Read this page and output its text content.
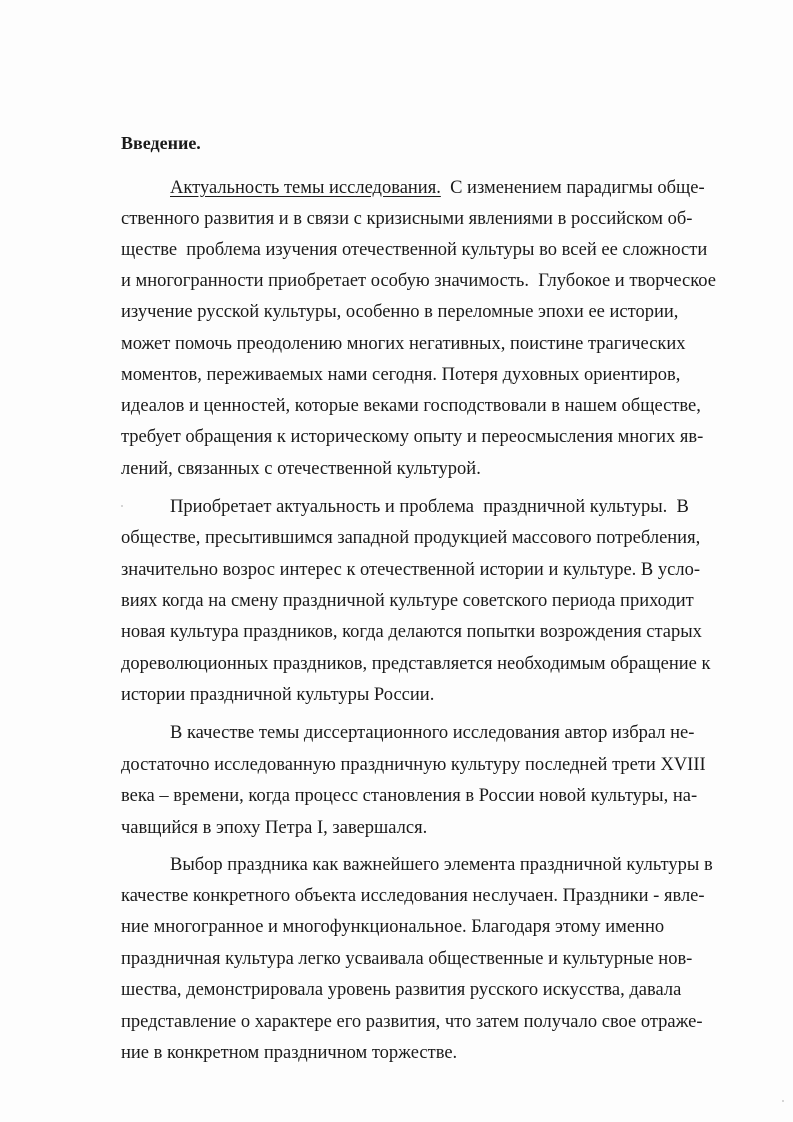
Введение.
Актуальность темы исследования.  С изменением парадигмы обще-
ственного развития и в связи с кризисными явлениями в российском об-
ществе  проблема изучения отечественной культуры во всей ее сложности
и многогранности приобретает особую значимость.  Глубокое и творческое
изучение русской культуры, особенно в переломные эпохи ее истории,
может помочь преодолению многих негативных, поистине трагических
моментов, переживаемых нами сегодня. Потеря духовных ориентиров,
идеалов и ценностей, которые веками господствовали в нашем обществе,
требует обращения к историческому опыту и переосмысления многих яв-
лений, связанных с отечественной культурой.
Приобретает актуальность и проблема  праздничной культуры.  В
обществе, пресытившимся западной продукцией массового потребления,
значительно возрос интерес к отечественной истории и культуре. В усло-
виях когда на смену праздничной культуре советского периода приходит
новая культура праздников, когда делаются попытки возрождения старых
дореволюционных праздников, представляется необходимым обращение к
истории праздничной культуры России.
В качестве темы диссертационного исследования автор избрал не-
достаточно исследованную праздничную культуру последней трети XVIII
века – времени, когда процесс становления в России новой культуры, на-
чавщийся в эпоху Петра I, завершался.
Выбор праздника как важнейшего элемента праздничной культуры в
качестве конкретного объекта исследования неслучаен. Праздники - явле-
ние многогранное и многофункциональное. Благодаря этому именно
праздничная культура легко усваивала общественные и культурные нов-
шества, демонстрировала уровень развития русского искусства, давала
представление о характере его развития, что затем получало свое отраже-
ние в конкретном праздничном торжестве.
